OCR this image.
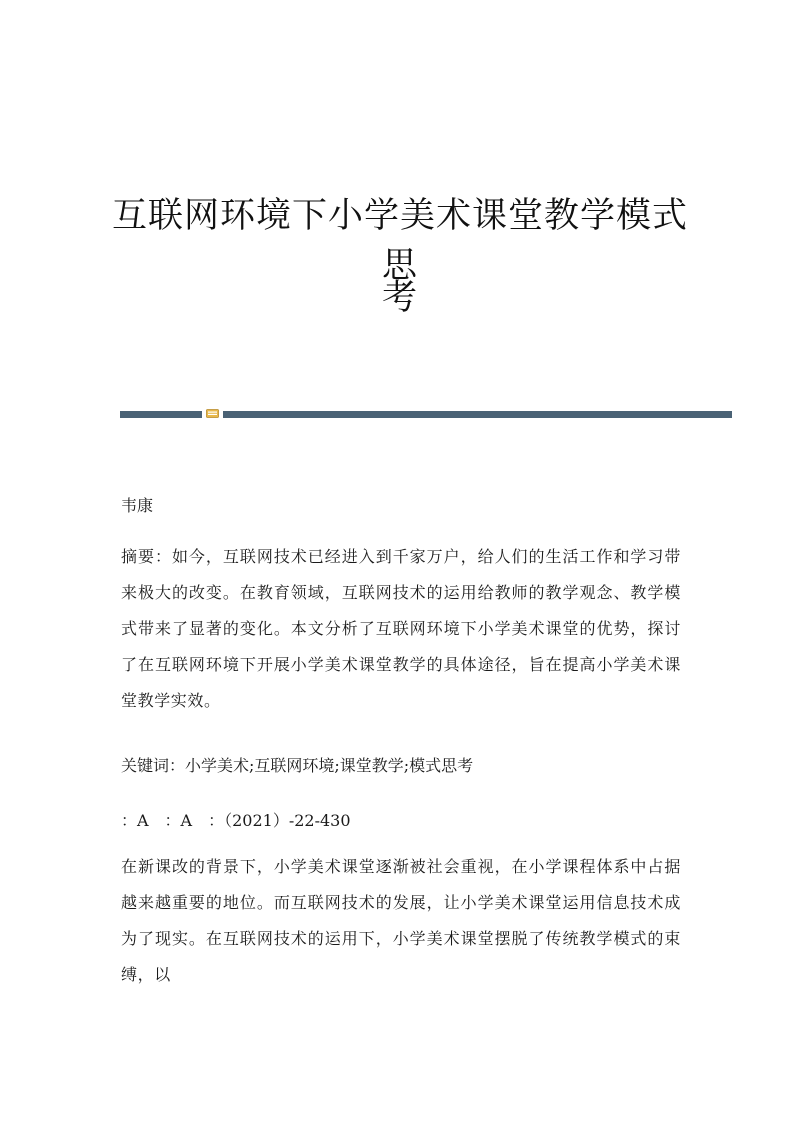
互联网环境下小学美术课堂教学模式思
考

韦康

摘要：如今，互联网技术已经进入到千家万户，给人们的生活工作和学习带来极大的改变。在教育领域，互联网技术的运用给教师的教学观念、教学模式带来了显著的变化。本文分析了互联网环境下小学美术课堂的优势，探讨了在互联网环境下开展小学美术课堂教学的具体途径，旨在提高小学美术课堂教学实效。

关键词：小学美术;互联网环境;课堂教学;模式思考

：A　：A　：（2021）-22-430

在新课改的背景下，小学美术课堂逐渐被社会重视，在小学课程体系中占据越来越重要的地位。而互联网技术的发展，让小学美术课堂运用信息技术成为了现实。在互联网技术的运用下，小学美术课堂摆脱了传统教学模式的束缚，以
